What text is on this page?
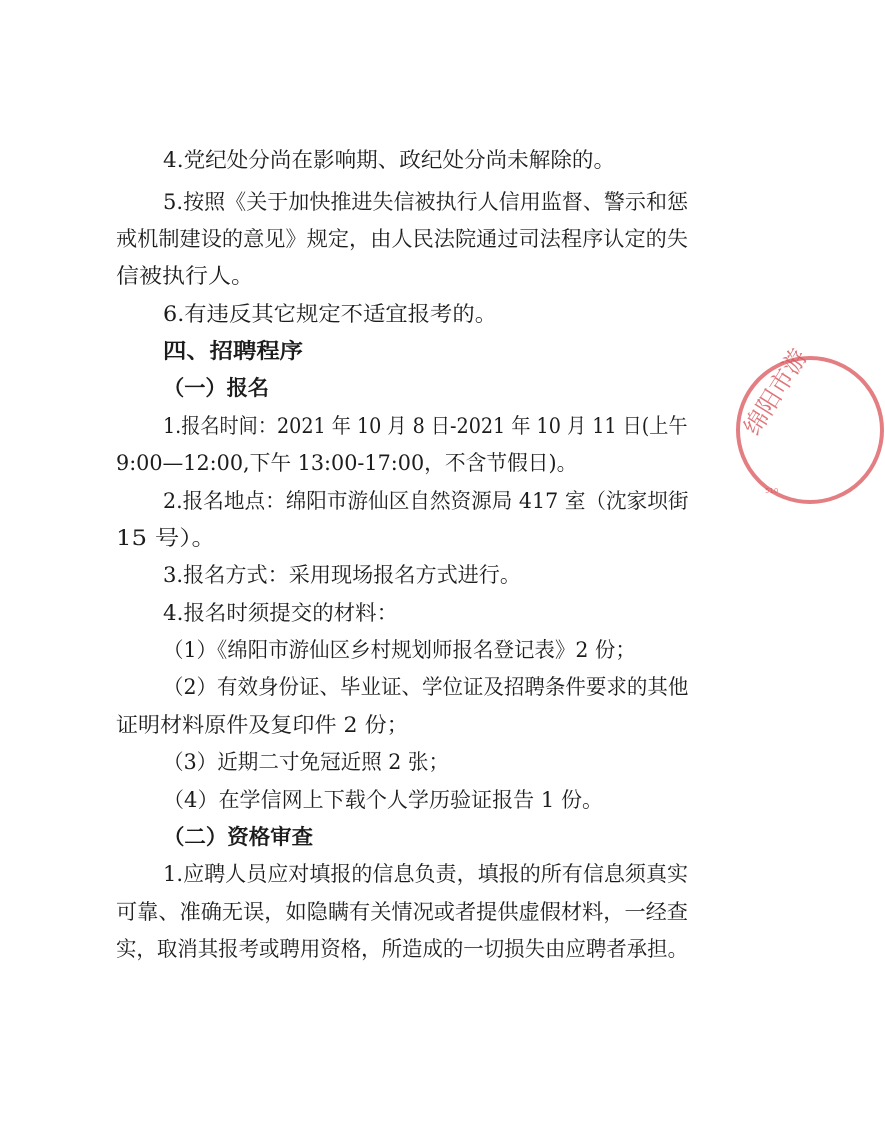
4.党纪处分尚在影响期、政纪处分尚未解除的。
5.按照《关于加快推进失信被执行人信用监督、警示和惩
戒机制建设的意见》规定，由人民法院通过司法程序认定的失
信被执行人。
6.有违反其它规定不适宜报考的。
四、招聘程序
（一）报名
1.报名时间：2021 年 10 月 8 日-2021 年 10 月 11 日(上午
9:00—12:00,下午 13:00-17:00，不含节假日)。
2.报名地点：绵阳市游仙区自然资源局 417 室（沈家坝街
15 号）。
3.报名方式：采用现场报名方式进行。
4.报名时须提交的材料：
（1）《绵阳市游仙区乡村规划师报名登记表》2 份；
（2）有效身份证、毕业证、学位证及招聘条件要求的其他
证明材料原件及复印件 2 份；
（3）近期二寸免冠近照 2 张；
（4）在学信网上下载个人学历验证报告 1 份。
（二）资格审查
1.应聘人员应对填报的信息负责，填报的所有信息须真实
可靠、准确无误，如隐瞒有关情况或者提供虚假材料，一经查
实，取消其报考或聘用资格，所造成的一切损失由应聘者承担。
绵阳市游
510
